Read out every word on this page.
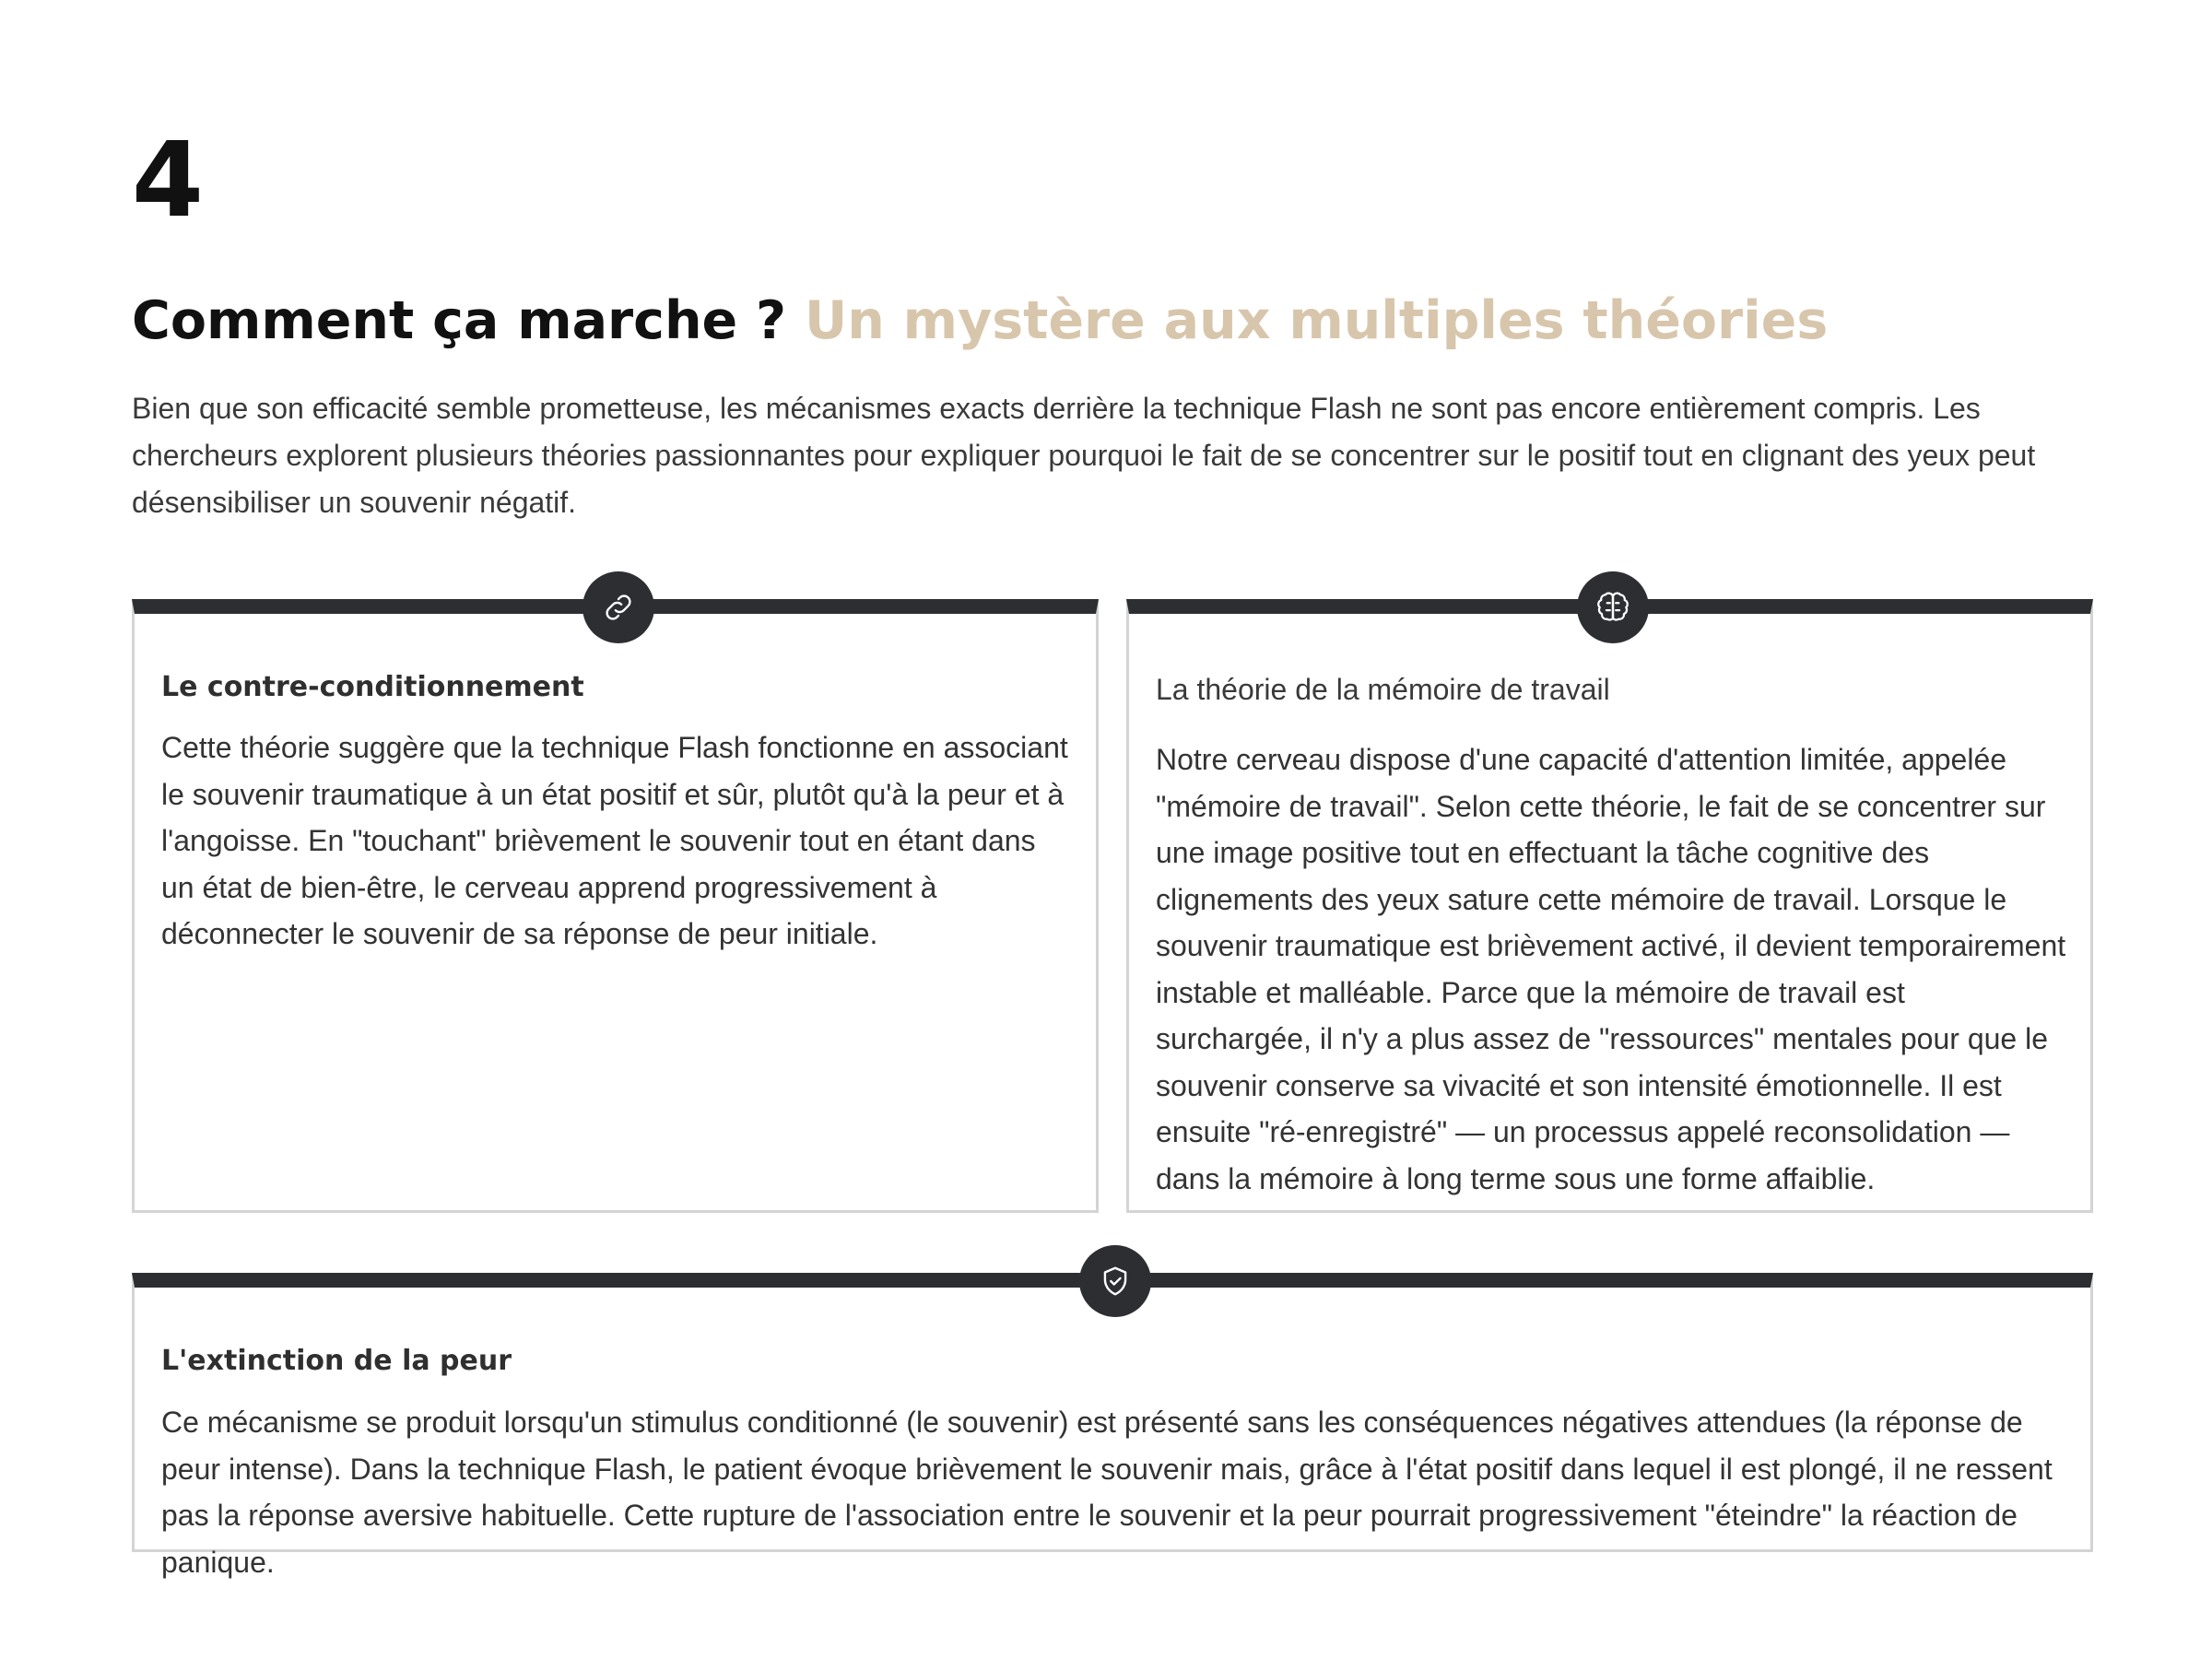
4
Comment ça marche ? Un mystère aux multiples théories

Bien que son efficacité semble prometteuse, les mécanismes exacts derrière la technique Flash ne sont pas encore entièrement compris. Les chercheurs explorent plusieurs théories passionnantes pour expliquer pourquoi le fait de se concentrer sur le positif tout en clignant des yeux peut désensibiliser un souvenir négatif.

Le contre-conditionnement
Cette théorie suggère que la technique Flash fonctionne en associant le souvenir traumatique à un état positif et sûr, plutôt qu'à la peur et à l'angoisse. En "touchant" brièvement le souvenir tout en étant dans un état de bien-être, le cerveau apprend progressivement à déconnecter le souvenir de sa réponse de peur initiale.
La théorie de la mémoire de travail
Notre cerveau dispose d'une capacité d'attention limitée, appelée "mémoire de travail". Selon cette théorie, le fait de se concentrer sur une image positive tout en effectuant la tâche cognitive des clignements des yeux sature cette mémoire de travail. Lorsque le souvenir traumatique est brièvement activé, il devient temporairement instable et malléable. Parce que la mémoire de travail est surchargée, il n'y a plus assez de "ressources" mentales pour que le souvenir conserve sa vivacité et son intensité émotionnelle. Il est ensuite "ré-enregistré" — un processus appelé reconsolidation — dans la mémoire à long terme sous une forme affaiblie.
L'extinction de la peur
Ce mécanisme se produit lorsqu'un stimulus conditionné (le souvenir) est présenté sans les conséquences négatives attendues (la réponse de peur intense). Dans la technique Flash, le patient évoque brièvement le souvenir mais, grâce à l'état positif dans lequel il est plongé, il ne ressent pas la réponse aversive habituelle. Cette rupture de l'association entre le souvenir et la peur pourrait progressivement "éteindre" la réaction de panique.
